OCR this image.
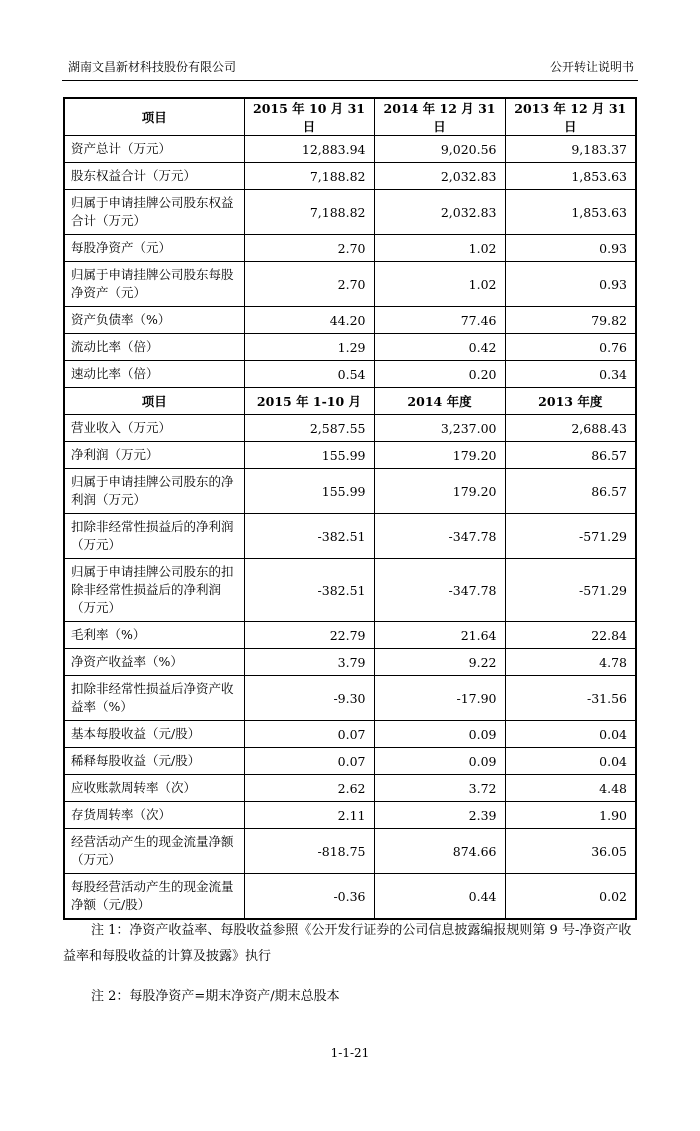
湖南文昌新材科技股份有限公司	公开转让说明书
项目	2015 年 10 月 31 日	2014 年 12 月 31 日	2013 年 12 月 31 日
资产总计（万元）	12,883.94	9,020.56	9,183.37
股东权益合计（万元）	7,188.82	2,032.83	1,853.63
归属于申请挂牌公司股东权益合计（万元）	7,188.82	2,032.83	1,853.63
每股净资产（元）	2.70	1.02	0.93
归属于申请挂牌公司股东每股净资产（元）	2.70	1.02	0.93
资产负债率（%）	44.20	77.46	79.82
流动比率（倍）	1.29	0.42	0.76
速动比率（倍）	0.54	0.20	0.34
项目	2015 年 1-10 月	2014 年度	2013 年度
营业收入（万元）	2,587.55	3,237.00	2,688.43
净利润（万元）	155.99	179.20	86.57
归属于申请挂牌公司股东的净利润（万元）	155.99	179.20	86.57
扣除非经常性损益后的净利润（万元）	-382.51	-347.78	-571.29
归属于申请挂牌公司股东的扣除非经常性损益后的净利润（万元）	-382.51	-347.78	-571.29
毛利率（%）	22.79	21.64	22.84
净资产收益率（%）	3.79	9.22	4.78
扣除非经常性损益后净资产收益率（%）	-9.30	-17.90	-31.56
基本每股收益（元/股）	0.07	0.09	0.04
稀释每股收益（元/股）	0.07	0.09	0.04
应收账款周转率（次）	2.62	3.72	4.48
存货周转率（次）	2.11	2.39	1.90
经营活动产生的现金流量净额（万元）	-818.75	874.66	36.05
每股经营活动产生的现金流量净额（元/股）	-0.36	0.44	0.02
注 1：净资产收益率、每股收益参照《公开发行证券的公司信息披露编报规则第 9 号-净资产收益率和每股收益的计算及披露》执行
注 2：每股净资产=期末净资产/期末总股本
1-1-21
